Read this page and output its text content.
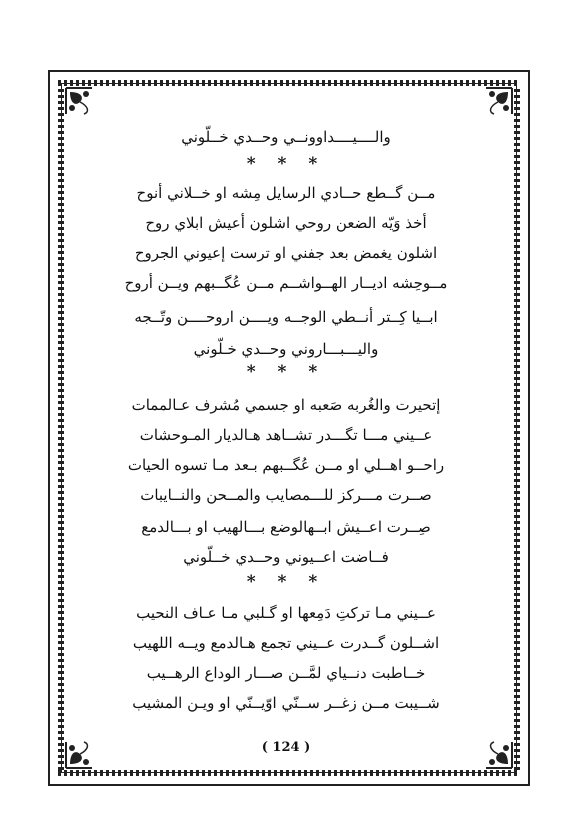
والــــيــــداوونــي وحــدي خــلّوني
* * *
مــن گــطع حــادي الرسايل مِشه او خــلاني أنوح
أخذ وَيّه الضعن روحي اشلون أعيش ابلاي روح
اشلون يغمض بعد جفني او ترست إعيوني الجروح
مــوحِشه اديــار الهــواشــم مــن عُگــبهم ويــن أروح
ابــيا كِــتر أنــطي الوجــه ويــــن اروحــــن وتّــجه
واليـــبـــاروني وحــدي خـلّوني
* * *
إتحيرت والغُربه صَعبه او جسمي مُشرف عـالممات
عــيني مـــا تگـــدر تشــاهد هـالديار المـوحشات
راحــو اهــلي او مــن عُگــبهم بـعد مـا تسوه الحيات
صــرت مـــركز للـــمصايب والمــحن والنــايبات
صِــرت اعــيش ابــهالوضع بـــالهيب او بـــالدمع
فــاضت اعــيوني وحــدي خــلّوني
* * *
عــيني مـا تركتِ دَمِعها او گـلبي مـا عـاف النحيب
اشــلون گــدرت عــيني تجمع هـالدمع ويــه اللهيب
خــاطبت دنــياي لمَّــن صـــار الوداع الرهــيب
شــيبت مــن زغــر ســنّي اوّيــنّي او ويـن المشيب
( 124 )
